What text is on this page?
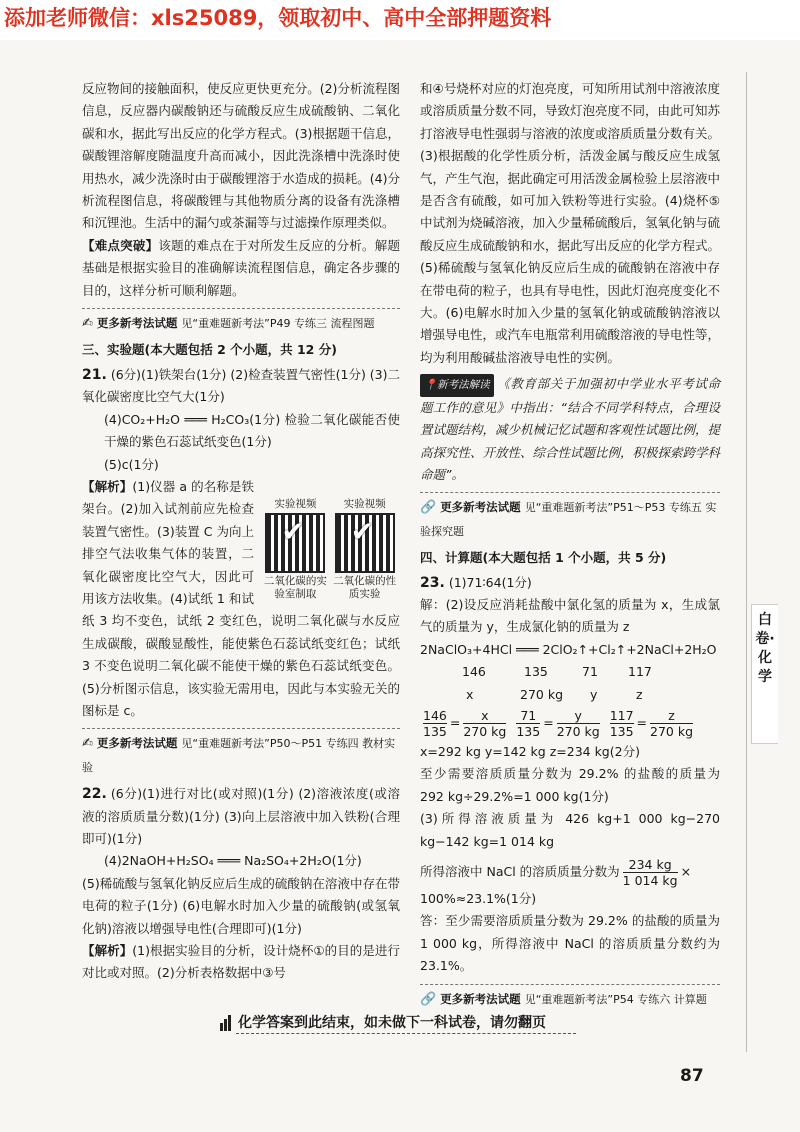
添加老师微信：xls25089，领取初中、高中全部押题资料

反应物间的接触面积，使反应更快更充分。(2)分析流程图信息，反应器内碳酸钠还与硫酸反应生成硫酸钠、二氧化碳和水，据此写出反应的化学方程式。(3)根据题干信息，碳酸锂溶解度随温度升高而减小，因此洗涤槽中洗涤时使用热水，减少洗涤时由于碳酸锂溶于水造成的损耗。(4)分析流程图信息，将碳酸锂与其他物质分离的设备有洗涤槽和沉锂池。生活中的漏勺或茶漏等与过滤操作原理类似。

【难点突破】该题的难点在于对所发生反应的分析。解题基础是根据实验目的准确解读流程图信息，确定各步骤的目的，这样分析可顺利解题。

✍ 更多新考法试题 见“重难题新考法”P49 专练三 流程图题
三、实验题(本大题包括 2 个小题，共 12 分)

21. (6分)(1)铁架台(1分) (2)检查装置气密性(1分) (3)二氧化碳密度比空气大(1分)

(4)CO₂+H₂O ═══ H₂CO₃(1分) 检验二氧化碳能否使干燥的紫色石蕊试纸变色(1分)

(5)c(1分)

实验视频
✔
二氧化碳的实验室制取

实验视频
✔
二氧化碳的性质实验

【解析】(1)仪器 a 的名称是铁架台。(2)加入试剂前应先检查装置气密性。(3)装置 C 为向上排空气法收集气体的装置，二氧化碳密度比空气大，因此可用该方法收集。(4)试纸 1 和试纸 3 均不变色，试纸 2 变红色，说明二氧化碳与水反应生成碳酸，碳酸显酸性，能使紫色石蕊试纸变红色；试纸 3 不变色说明二氧化碳不能使干燥的紫色石蕊试纸变色。(5)分析图示信息，该实验无需用电，因此与本实验无关的图标是 c。

✍ 更多新考法试题 见“重难题新考法”P50～P51 专练四 教材实验

22. (6分)(1)进行对比(或对照)(1分) (2)溶液浓度(或溶液的溶质质量分数)(1分) (3)向上层溶液中加入铁粉(合理即可)(1分)

(4)2NaOH+H₂SO₄ ═══ Na₂SO₄+2H₂O(1分)

(5)稀硫酸与氢氧化钠反应后生成的硫酸钠在溶液中存在带电荷的粒子(1分) (6)电解水时加入少量的硫酸钠(或氢氧化钠)溶液以增强导电性(合理即可)(1分)

【解析】(1)根据实验目的分析，设计烧杯①的目的是进行对比或对照。(2)分析表格数据中③号

和④号烧杯对应的灯泡亮度，可知所用试剂中溶液浓度或溶质质量分数不同，导致灯泡亮度不同，由此可知苏打溶液导电性强弱与溶液的浓度或溶质质量分数有关。(3)根据酸的化学性质分析，活泼金属与酸反应生成氢气，产生气泡，据此确定可用活泼金属检验上层溶液中是否含有硫酸，如可加入铁粉等进行实验。(4)烧杯⑤中试剂为烧碱溶液，加入少量稀硫酸后，氢氧化钠与硫酸反应生成硫酸钠和水，据此写出反应的化学方程式。(5)稀硫酸与氢氧化钠反应后生成的硫酸钠在溶液中存在带电荷的粒子，也具有导电性，因此灯泡亮度变化不大。(6)电解水时加入少量的氢氧化钠或硫酸钠溶液以增强导电性，或汽车电瓶常利用硫酸溶液的导电性等，均为利用酸碱盐溶液导电性的实例。

📍新考法解读 《教育部关于加强初中学业水平考试命题工作的意见》中指出：“结合不同学科特点，合理设置试题结构，减少机械记忆试题和客观性试题比例，提高探究性、开放性、综合性试题比例，积极探索跨学科命题”。

🔗 更多新考法试题 见“重难题新考法”P51～P53 专练五 实验探究题
四、计算题(本大题包括 1 个小题，共 5 分)

23. (1)71∶64(1分)

解：(2)设反应消耗盐酸中氯化氢的质量为 x，生成氯气的质量为 y，生成氯化钠的质量为 z

2NaClO₃+4HCl ═══ 2ClO₂↑+Cl₂↑+2NaCl+2H₂O
146	135	71 117
x	270 kg y	z
$\frac{146}{135} = \frac{x}{270 kg}$
$\frac{71}{135} = \frac{y}{270 kg}$
$\frac{117}{135} = \frac{z}{270 kg}$

x=292 kg y=142 kg z=234 kg(2分)

至少需要溶质质量分数为 29.2% 的盐酸的质量为 292 kg÷29.2%=1 000 kg(1分)

(3)所得溶液质量为 426 kg+1 000 kg−270 kg−142 kg=1 014 kg

所得溶液中 NaCl 的溶质质量分数为 $\frac{234 kg}{1 014 kg}$ ×

100%≈23.1%(1分)

答：至少需要溶质质量分数为 29.2% 的盐酸的质量为 1 000 kg，所得溶液中 NaCl 的溶质质量分数约为 23.1%。

🔗 更多新考法试题 见“重难题新考法”P54 专练六 计算题
白卷·化学
化学答案到此结束，如未做下一科试卷，请勿翻页
87
